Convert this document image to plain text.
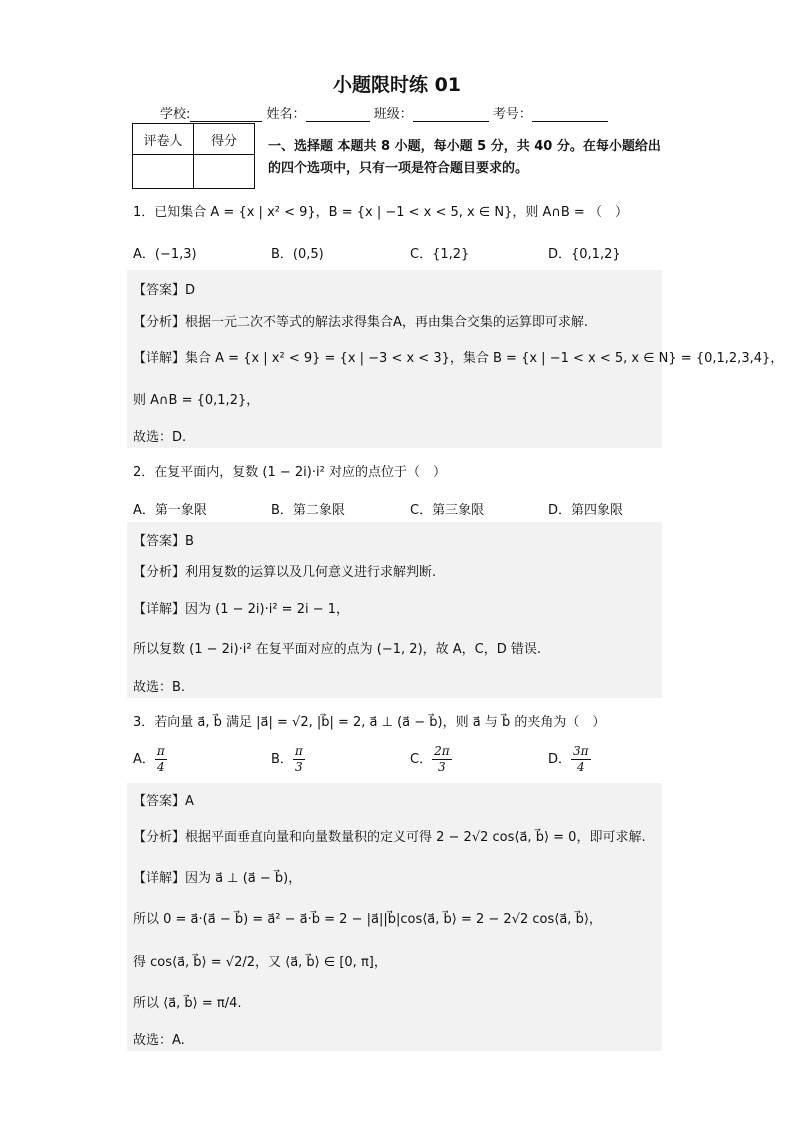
小题限时练 01
学校:	姓名：	班级：	考号：
评卷人	得分
	一、选择题 本题共 8 小题，每小题 5 分，共 40 分。在每小题给出的四个选项中，只有一项是符合题目要求的。
1．已知集合 A = {x | x² < 9}，B = {x | −1 < x < 5, x ∈ N}，则 A∩B = （　）
A．(−1,3)	B．(0,5)	C．{1,2}	D．{0,1,2}
【答案】D
【分析】根据一元二次不等式的解法求得集合A，再由集合交集的运算即可求解.
【详解】集合 A = {x | x² < 9} = {x | −3 < x < 3}，集合 B = {x | −1 < x < 5, x ∈ N} = {0,1,2,3,4}，
则 A∩B = {0,1,2}，
故选：D.
2．在复平面内，复数 (1 − 2i)·i² 对应的点位于（　）
A．第一象限	B．第二象限	C．第三象限	D．第四象限
【答案】B
【分析】利用复数的运算以及几何意义进行求解判断.
【详解】因为 (1 − 2i)·i² = 2i − 1，
所以复数 (1 − 2i)·i² 在复平面对应的点为 (−1, 2)，故 A，C，D 错误.
故选：B.
3．若向量 a⃗, b⃗ 满足 |a⃗| = √2, |b⃗| = 2, a⃗ ⊥ (a⃗ − b⃗)，则 a⃗ 与 b⃗ 的夹角为（　）
A． $\frac{\pi}{4}$	B． $\frac{\pi}{3}$	C． $\frac{2\pi}{3}$	D． $\frac{3\pi}{4}$
【答案】A
【分析】根据平面垂直向量和向量数量积的定义可得 2 − 2√2 cos⟨a⃗, b⃗⟩ = 0，即可求解.
【详解】因为 a⃗ ⊥ (a⃗ − b⃗)，
所以 0 = a⃗·(a⃗ − b⃗) = a⃗² − a⃗·b⃗ = 2 − |a⃗||b⃗|cos⟨a⃗, b⃗⟩ = 2 − 2√2 cos⟨a⃗, b⃗⟩，
得 cos⟨a⃗, b⃗⟩ = √2/2，又 ⟨a⃗, b⃗⟩ ∈ [0, π]，
所以 ⟨a⃗, b⃗⟩ = π/4.
故选：A.
